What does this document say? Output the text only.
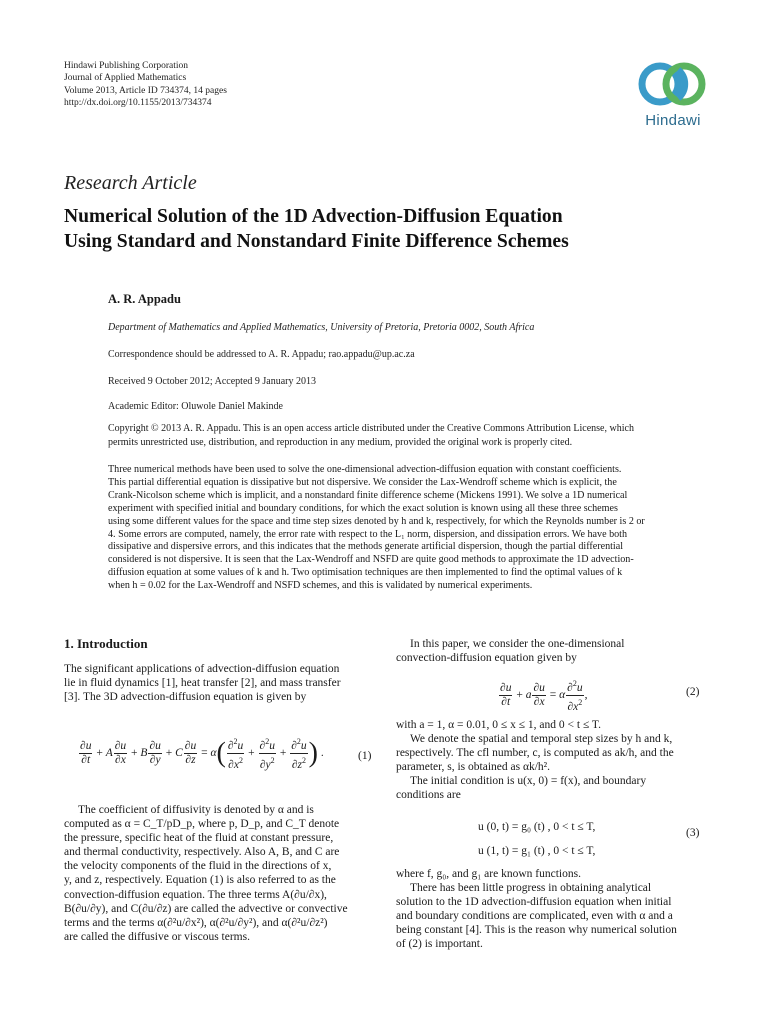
Hindawi Publishing Corporation
Journal of Applied Mathematics
Volume 2013, Article ID 734374, 14 pages
http://dx.doi.org/10.1155/2013/734374
Hindawi
Research Article
Numerical Solution of the 1D Advection-Diffusion Equation
Using Standard and Nonstandard Finite Difference Schemes
A. R. Appadu
Department of Mathematics and Applied Mathematics, University of Pretoria, Pretoria 0002, South Africa
Correspondence should be addressed to A. R. Appadu; rao.appadu@up.ac.za
Received 9 October 2012; Accepted 9 January 2013
Academic Editor: Oluwole Daniel Makinde
Copyright © 2013 A. R. Appadu. This is an open access article distributed under the Creative Commons Attribution License, which
permits unrestricted use, distribution, and reproduction in any medium, provided the original work is properly cited.
Three numerical methods have been used to solve the one-dimensional advection-diffusion equation with constant coefficients.
This partial differential equation is dissipative but not dispersive. We consider the Lax-Wendroff scheme which is explicit, the
Crank-Nicolson scheme which is implicit, and a nonstandard finite difference scheme (Mickens 1991). We solve a 1D numerical
experiment with specified initial and boundary conditions, for which the exact solution is known using all these three schemes
using some different values for the space and time step sizes denoted by h and k, respectively, for which the Reynolds number is 2 or
4. Some errors are computed, namely, the error rate with respect to the L₁ norm, dispersion, and dissipation errors. We have both
dissipative and dispersive errors, and this indicates that the methods generate artificial dispersion, though the partial differential
considered is not dispersive. It is seen that the Lax-Wendroff and NSFD are quite good methods to approximate the 1D advection-
diffusion equation at some values of k and h. Two optimisation techniques are then implemented to find the optimal values of k
when h = 0.02 for the Lax-Wendroff and NSFD schemes, and this is validated by numerical experiments.
1. Introduction
The significant applications of advection-diffusion equation
lie in fluid dynamics [1], heat transfer [2], and mass transfer
[3]. The 3D advection-diffusion equation is given by
$\frac{\partial u}{\partial t} + A \frac{\partial u}{\partial x} + B \frac{\partial u}{\partial y} + C \frac{\partial u}{\partial z} = \alpha( \frac{\partial^2u}{\partial x^2} + \frac{\partial^2u}{\partial y^2} + \frac{\partial^2u}{\partial z^2}$ ) .	(1)
The coefficient of diffusivity is denoted by α and is
computed as α = C_T/pD_p, where p, D_p, and C_T denote
the pressure, specific heat of the fluid at constant pressure,
and thermal conductivity, respectively. Also A, B, and C are
the velocity components of the fluid in the directions of x,
y, and z, respectively. Equation (1) is also referred to as the
convection-diffusion equation. The three terms A(∂u/∂x),
B(∂u/∂y), and C(∂u/∂z) are called the advective or convective
terms and the terms α(∂²u/∂x²), α(∂²u/∂y²), and α(∂²u/∂z²)
are called the diffusive or viscous terms.
In this paper, we consider the one-dimensional
convection-diffusion equation given by
$\frac{\partial u}{\partial t} + a \frac{\partial u}{\partial x} = \alpha \frac{\partial^2u}{\partial x^2}$ ,	(2)
with a = 1, α = 0.01, 0 ≤ x ≤ 1, and 0 < t ≤ T.
We denote the spatial and temporal step sizes by h and k,
respectively. The cfl number, c, is computed as ak/h, and the
parameter, s, is obtained as αk/h².
The initial condition is u(x, 0) = f(x), and boundary
conditions are
u (0, t) = g₀ (t) , 0 < t ≤ T,
u (1, t) = g₁ (t) , 0 < t ≤ T,
(3)
where f, g₀, and g₁ are known functions.
There has been little progress in obtaining analytical
solution to the 1D advection-diffusion equation when initial
and boundary conditions are complicated, even with α and a
being constant [4]. This is the reason why numerical solution
of (2) is important.
